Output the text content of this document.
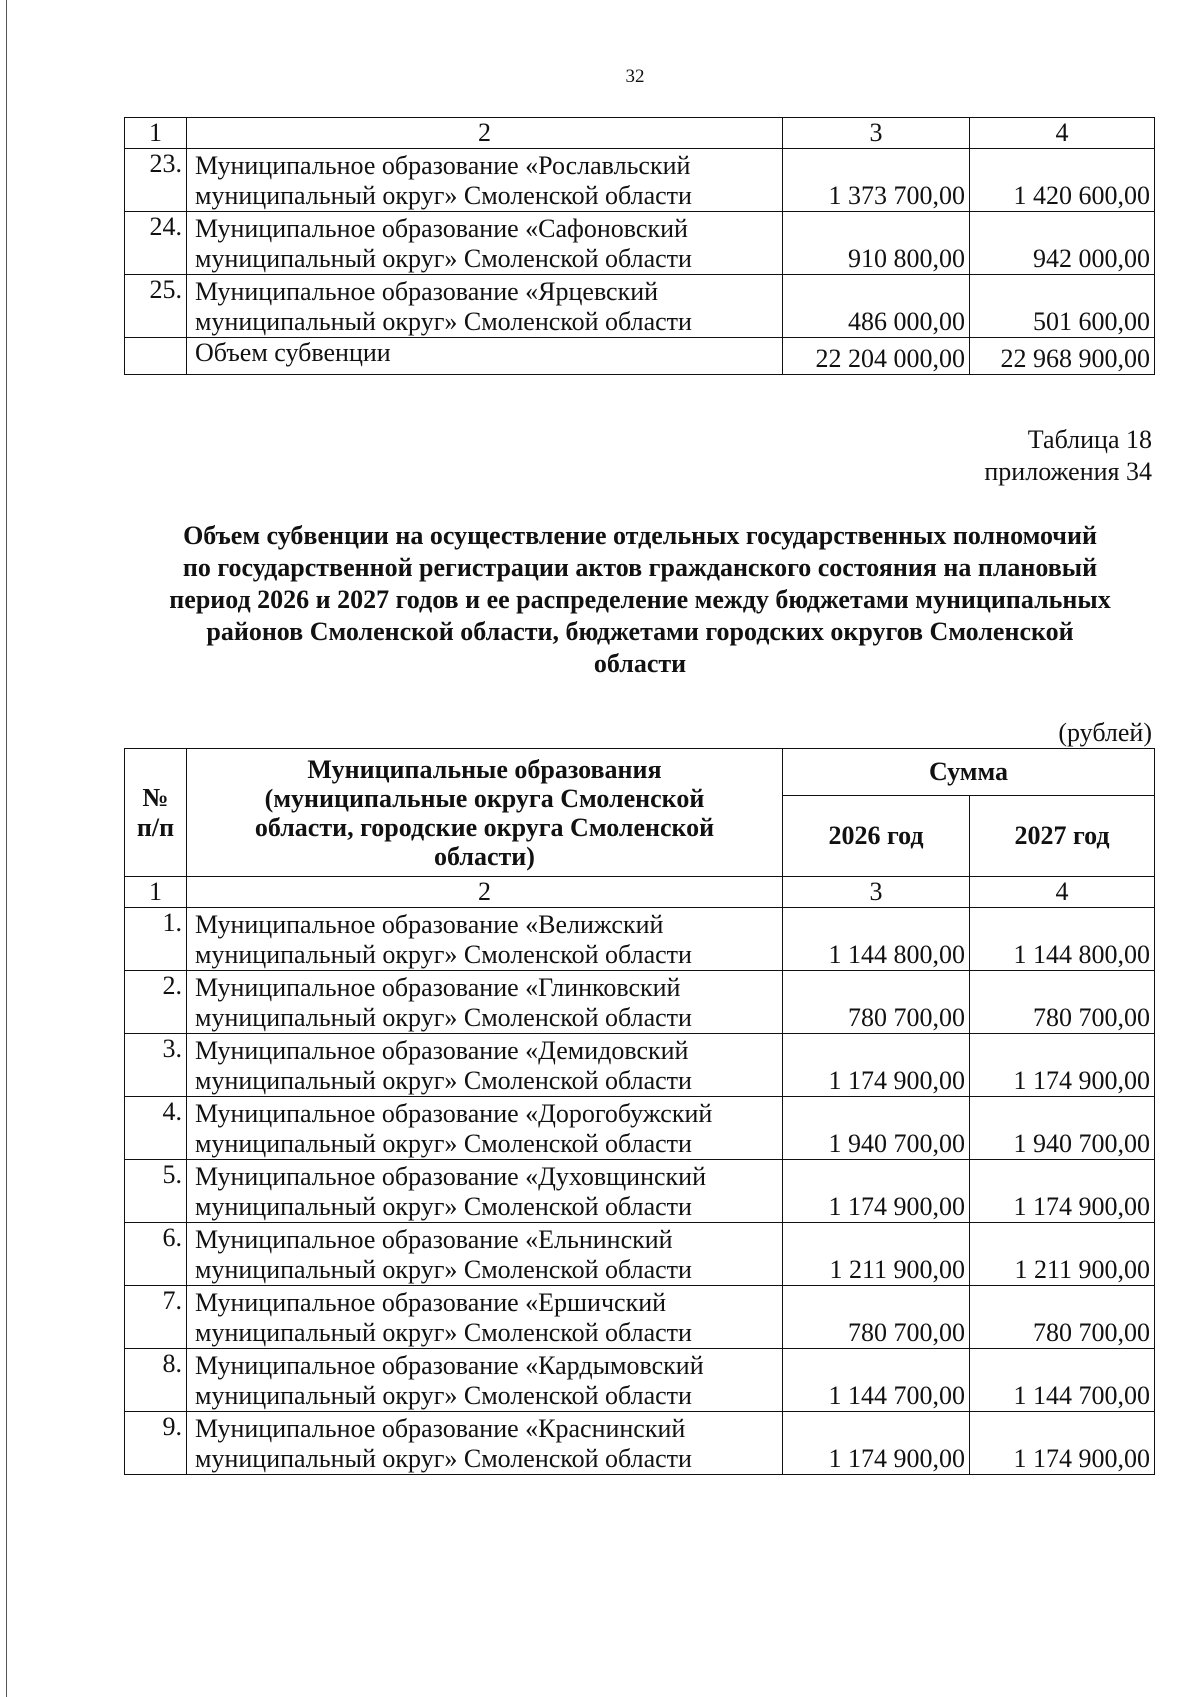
32
1	2	3	4
23.	Муниципальное образование «Рославльский
муниципальный округ» Смоленской области	1 373 700,00	1 420 600,00
24.	Муниципальное образование «Сафоновский
муниципальный округ» Смоленской области	910 800,00	942 000,00
25.	Муниципальное образование «Ярцевский
муниципальный округ» Смоленской области	486 000,00	501 600,00
	Объем субвенции	22 204 000,00	22 968 900,00
Таблица 18
приложения 34
Объем субвенции на осуществление отдельных государственных полномочий
по государственной регистрации актов гражданского состояния на плановый
период 2026 и 2027 годов и ее распределение между бюджетами муниципальных
районов Смоленской области, бюджетами городских округов Смоленской
области
(рублей)
№
п/п	Муниципальные образования
(муниципальные округа Смоленской
области, городские округа Смоленской
области)	Сумма	
		2026 год	2027 год
1	2	3	4
1.	Муниципальное образование «Велижский
муниципальный округ» Смоленской области	1 144 800,00	1 144 800,00
2.	Муниципальное образование «Глинковский
муниципальный округ» Смоленской области	780 700,00	780 700,00
3.	Муниципальное образование «Демидовский
муниципальный округ» Смоленской области	1 174 900,00	1 174 900,00
4.	Муниципальное образование «Дорогобужский
муниципальный округ» Смоленской области	1 940 700,00	1 940 700,00
5.	Муниципальное образование «Духовщинский
муниципальный округ» Смоленской области	1 174 900,00	1 174 900,00
6.	Муниципальное образование «Ельнинский
муниципальный округ» Смоленской области	1 211 900,00	1 211 900,00
7.	Муниципальное образование «Ершичский
муниципальный округ» Смоленской области	780 700,00	780 700,00
8.	Муниципальное образование «Кардымовский
муниципальный округ» Смоленской области	1 144 700,00	1 144 700,00
9.	Муниципальное образование «Краснинский
муниципальный округ» Смоленской области	1 174 900,00	1 174 900,00
